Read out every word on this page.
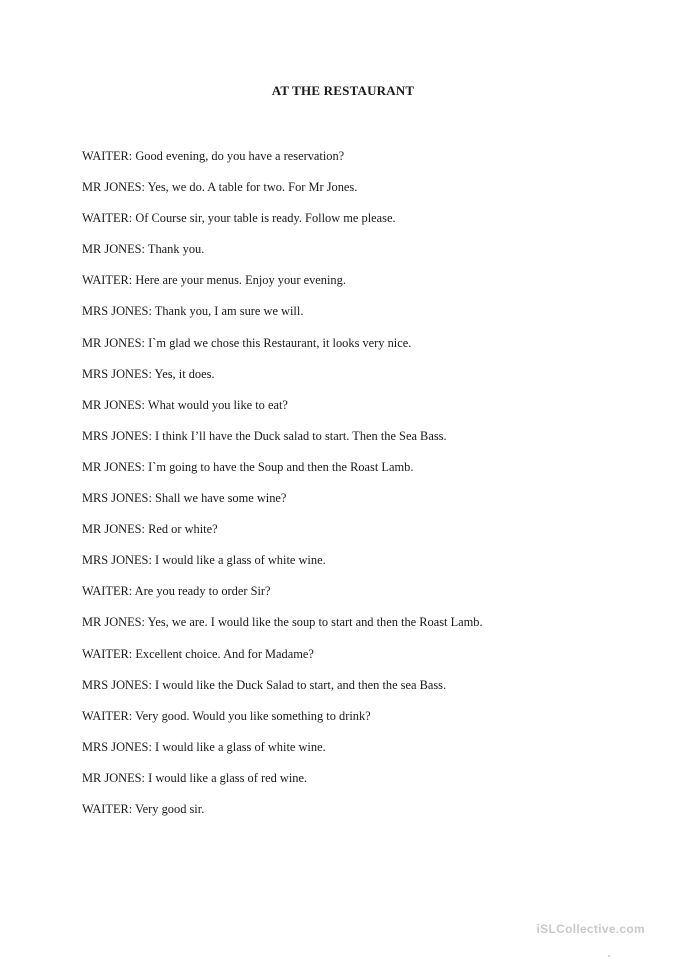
AT THE RESTAURANT
WAITER: Good evening, do you have a reservation?
MR JONES: Yes, we do. A table for two. For Mr Jones.
WAITER: Of Course sir, your table is ready. Follow me please.
MR JONES: Thank you.
WAITER: Here are your menus. Enjoy your evening.
MRS JONES: Thank you, I am sure we will.
MR JONES: I`m glad we chose this Restaurant, it looks very nice.
MRS JONES: Yes, it does.
MR JONES: What would you like to eat?
MRS JONES: I think I’ll have the Duck salad to start. Then the Sea Bass.
MR JONES: I`m going to have the Soup and then the Roast Lamb.
MRS JONES: Shall we have some wine?
MR JONES: Red or white?
MRS JONES: I would like a glass of white wine.
WAITER: Are you ready to order Sir?
MR JONES: Yes, we are. I would like the soup to start and then the Roast Lamb.
WAITER: Excellent choice. And for Madame?
MRS JONES: I would like the Duck Salad to start, and then the sea Bass.
WAITER: Very good. Would you like something to drink?
MRS JONES: I would like a glass of white wine.
MR JONES: I would like a glass of red wine.
WAITER: Very good sir.
iSLCollective.com
